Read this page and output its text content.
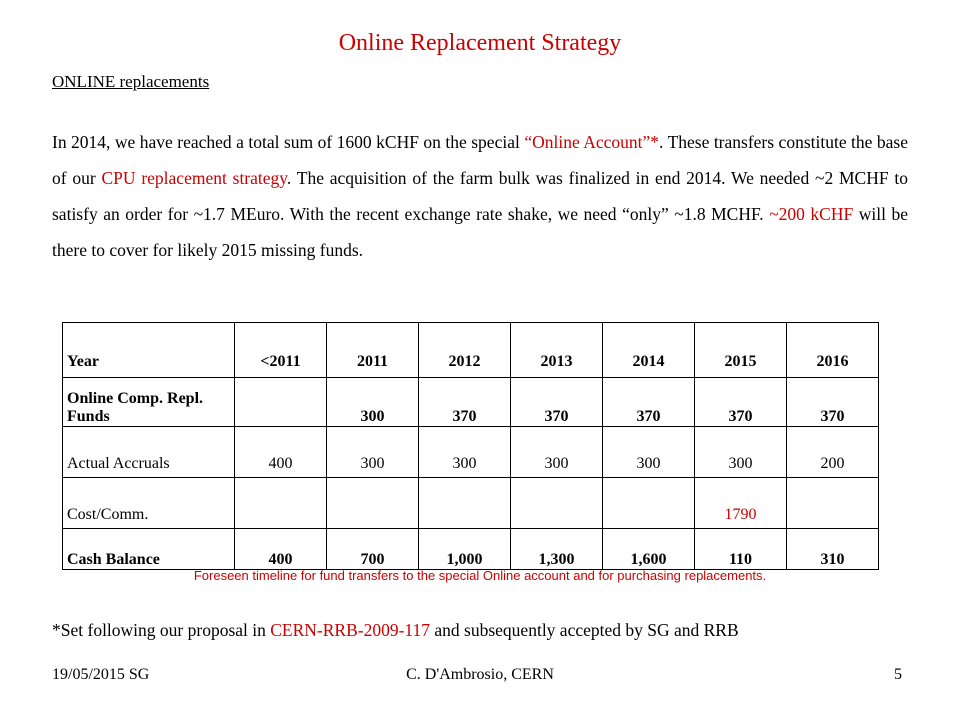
Online Replacement Strategy
ONLINE replacements
In 2014, we have reached a total sum of 1600 kCHF on the special “Online Account”*. These transfers constitute the base of our CPU replacement strategy. The acquisition of the farm bulk was finalized in end 2014. We needed ~2 MCHF to satisfy an order for ~1.7 MEuro. With the recent exchange rate shake, we need “only” ~1.8 MCHF. ~200 kCHF will be there to cover for likely 2015 missing funds.
Year	<2011	2011	2012	2013	2014	2015	2016
Online Comp. Repl. Funds		300	370	370	370	370	370
Actual Accruals	400	300	300	300	300	300	200
Cost/Comm.						1790	
Cash Balance	400	700	1,000	1,300	1,600	110	310
Foreseen timeline for fund transfers to the special Online account and for purchasing replacements.
*Set following our proposal in CERN-RRB-2009-117 and subsequently accepted by SG and RRB
19/05/2015 SG	C. D'Ambrosio, CERN	5
